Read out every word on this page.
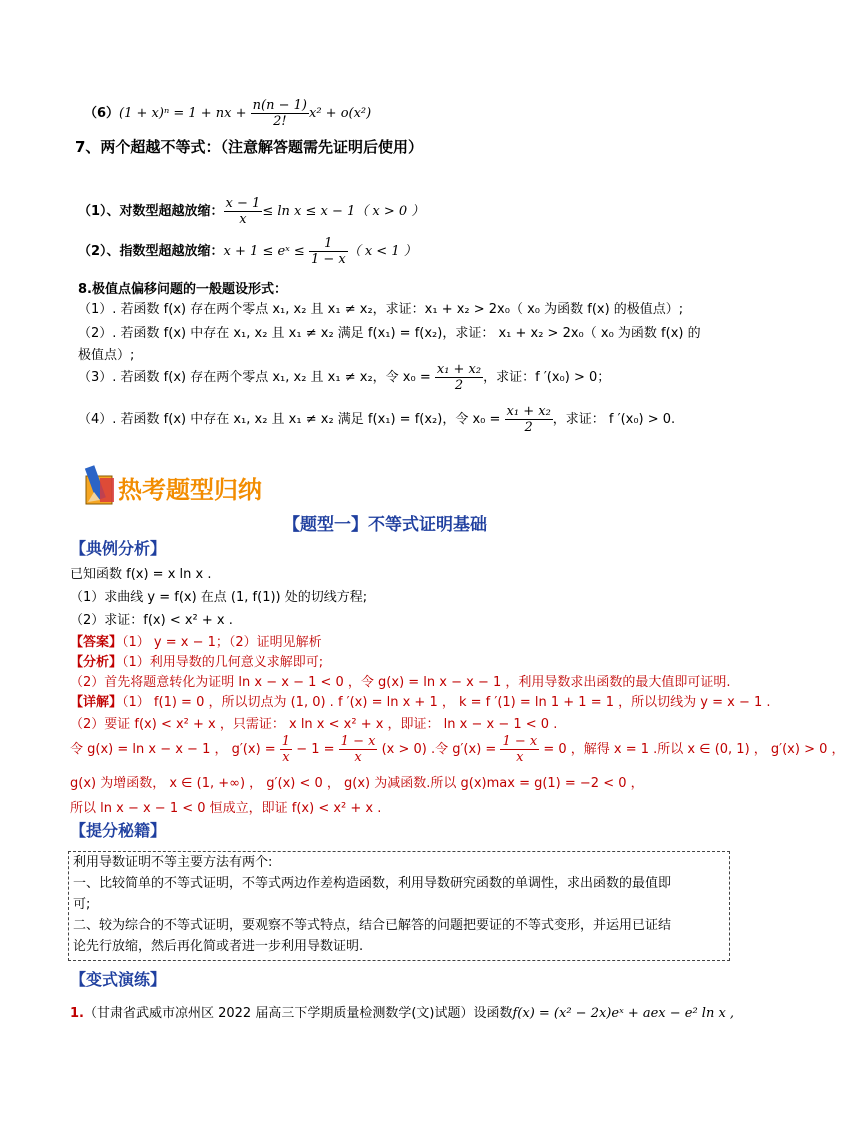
（6）(1 + x)ⁿ = 1 + nx + $\frac{n(n - 1)}{2!} x^2 + o(x^2)$
7、两个超越不等式：（注意解答题需先证明后使用）
（1）、对数型超越放缩： $\frac{x - 1}{x} \le \ln x \le x - 1$（ x > 0 ）
（2）、指数型超越放缩：x + 1 ≤ eˣ ≤ $\frac{1}{1 - x}$ （ x < 1 ）
8.极值点偏移问题的一般题设形式：
（1）. 若函数 f(x) 存在两个零点 x₁, x₂ 且 x₁ ≠ x₂，求证：x₁ + x₂ > 2x₀（ x₀ 为函数 f(x) 的极值点）;
（2）. 若函数 f(x) 中存在 x₁, x₂ 且 x₁ ≠ x₂ 满足 f(x₁) = f(x₂)，求证： x₁ + x₂ > 2x₀（ x₀ 为函数 f(x) 的
极值点）;
（3）. 若函数 f(x) 存在两个零点 x₁, x₂ 且 x₁ ≠ x₂，令 $x_0 = \frac{\text{x₁ + x₂}}{2}$ ，求证：f ′(x₀) > 0；
（4）. 若函数 f(x) 中存在 x₁, x₂ 且 x₁ ≠ x₂ 满足 f(x₁) = f(x₂)，令 $x_0 = \frac{\text{x₁ + x₂}}{2}$ ，求证： f ′(x₀) > 0.
热考题型归纳
【题型一】不等式证明基础
【典例分析】
已知函数 f(x) = x ln x .
（1）求曲线 y = f(x) 在点 (1, f(1)) 处的切线方程;
（2）求证：f(x) < x² + x .
【答案】（1） y = x − 1；（2）证明见解析
【分析】（1）利用导数的几何意义求解即可;
（2）首先将题意转化为证明 ln x − x − 1 < 0 ，令 g(x) = ln x − x − 1 ，利用导数求出函数的最大值即可证明.
【详解】（1） f(1) = 0 ，所以切点为 (1, 0) . f ′(x) = ln x + 1 ， k = f ′(1) = ln 1 + 1 = 1 ，所以切线为 y = x − 1 .
（2）要证 f(x) < x² + x ，只需证： x ln x < x² + x ，即证： ln x − x − 1 < 0 .
令 g(x) = ln x − x − 1 ， $g'(x) = \frac{1}{x} - 1 = \frac{1 - x}{x} (x > 0)$ .令 $g'(x) = \frac{1 - x}{x} = 0$ ，解得 x = 1 .所以 x ∈ (0, 1) ， g′(x) > 0 ，
g(x) 为增函数， x ∈ (1, +∞) ， g′(x) < 0 ， g(x) 为减函数.所以 g(x)max = g(1) = −2 < 0 ，
所以 ln x − x − 1 < 0 恒成立，即证 f(x) < x² + x .
【提分秘籍】

利用导数证明不等主要方法有两个:

一、比较简单的不等式证明，不等式两边作差构造函数，利用导数研究函数的单调性，求出函数的最值即

可;

二、较为综合的不等式证明，要观察不等式特点，结合已解答的问题把要证的不等式变形，并运用已证结

论先行放缩，然后再化简或者进一步利用导数证明.

【变式演练】
1.（甘肃省武威市凉州区 2022 届高三下学期质量检测数学(文)试题）设函数f(x) = (x² − 2x)eˣ + aex − e² ln x ,
